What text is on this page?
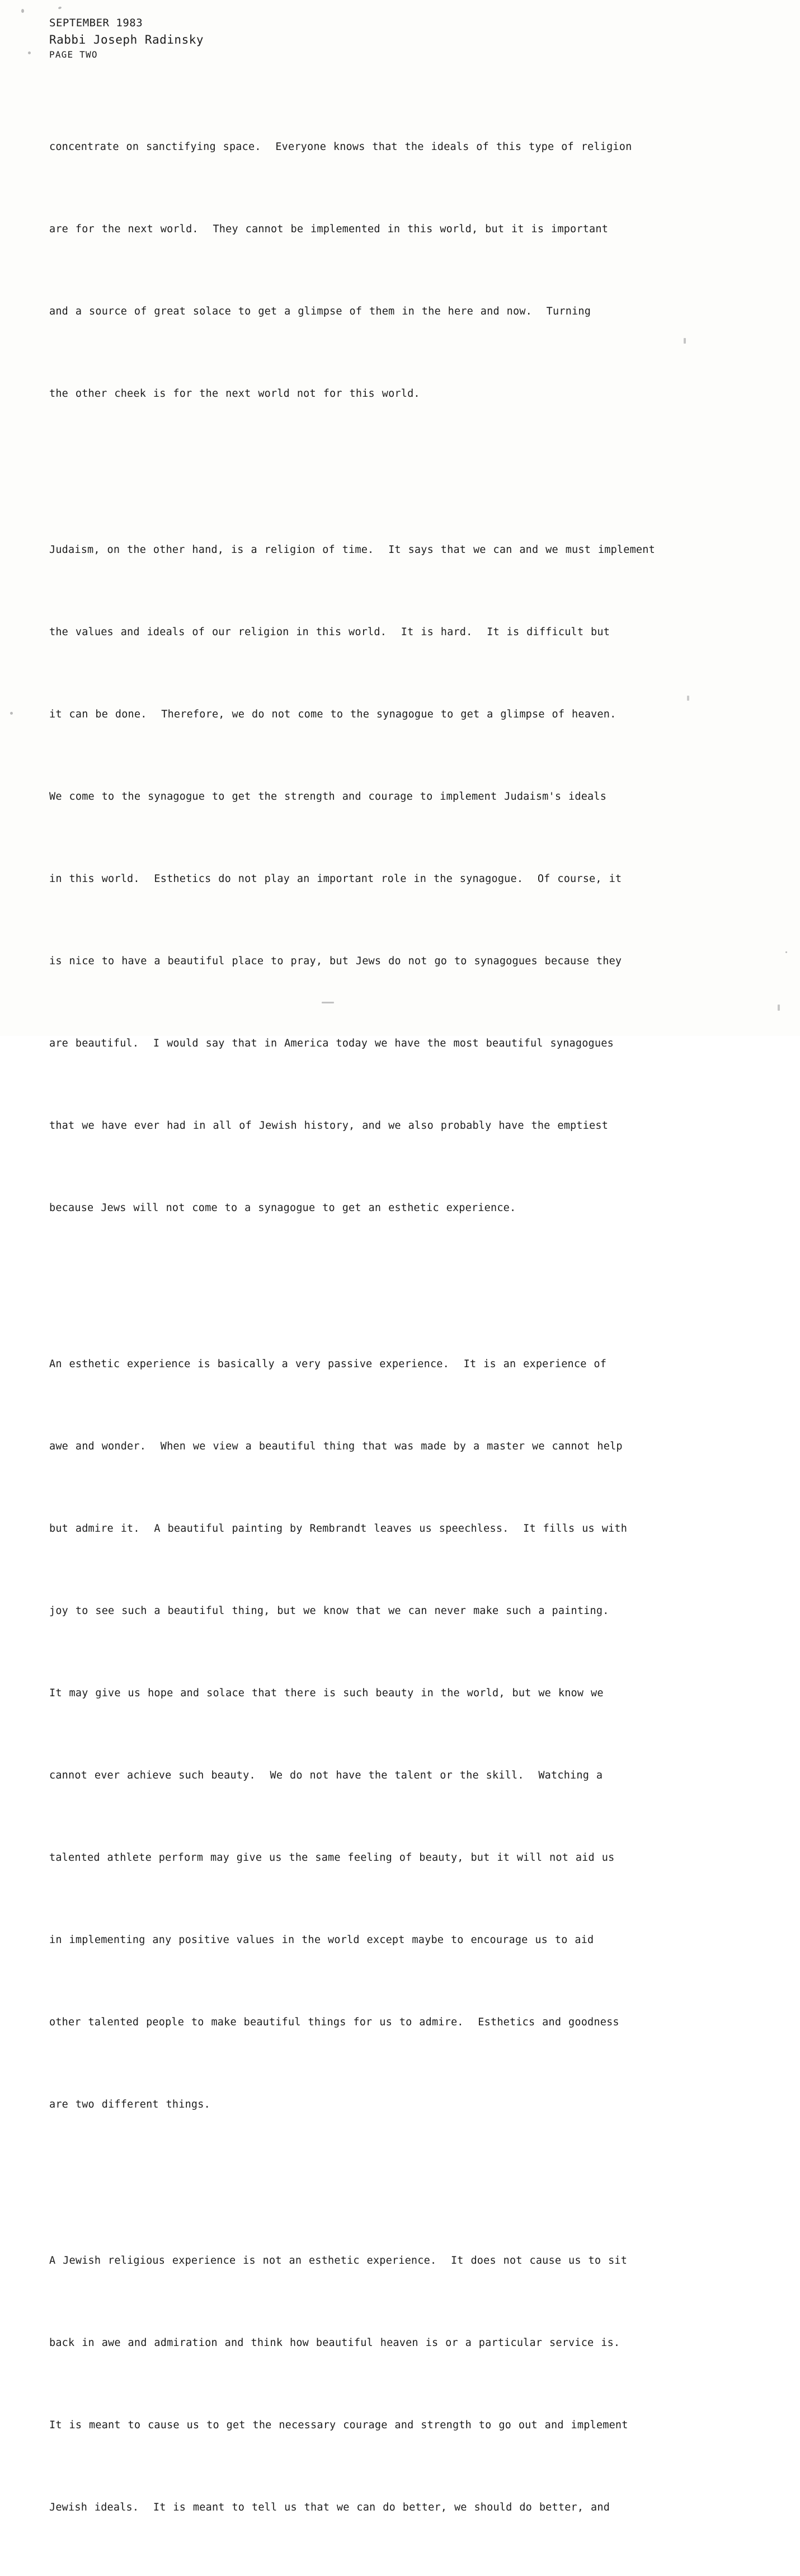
SEPTEMBER 1983
Rabbi Joseph Radinsky
PAGE TWO

concentrate on sanctifying space.  Everyone knows that the ideals of this type of religion

are for the next world.  They cannot be implemented in this world, but it is important

and a source of great solace to get a glimpse of them in the here and now.  Turning

the other cheek is for the next world not for this world.

Judaism, on the other hand, is a religion of time.  It says that we can and we must implement

the values and ideals of our religion in this world.  It is hard.  It is difficult but

it can be done.  Therefore, we do not come to the synagogue to get a glimpse of heaven.

We come to the synagogue to get the strength and courage to implement Judaism's ideals

in this world.  Esthetics do not play an important role in the synagogue.  Of course, it

is nice to have a beautiful place to pray, but Jews do not go to synagogues because they

are beautiful.  I would say that in America today we have the most beautiful synagogues

that we have ever had in all of Jewish history, and we also probably have the emptiest

because Jews will not come to a synagogue to get an esthetic experience.

An esthetic experience is basically a very passive experience.  It is an experience of

awe and wonder.  When we view a beautiful thing that was made by a master we cannot help

but admire it.  A beautiful painting by Rembrandt leaves us speechless.  It fills us with

joy to see such a beautiful thing, but we know that we can never make such a painting.

It may give us hope and solace that there is such beauty in the world, but we know we

cannot ever achieve such beauty.  We do not have the talent or the skill.  Watching a

talented athlete perform may give us the same feeling of beauty, but it will not aid us

in implementing any positive values in the world except maybe to encourage us to aid

other talented people to make beautiful things for us to admire.  Esthetics and goodness

are two different things.

A Jewish religious experience is not an esthetic experience.  It does not cause us to sit

back in awe and admiration and think how beautiful heaven is or a particular service is.

It is meant to cause us to get the necessary courage and strength to go out and implement

Jewish ideals.  It is meant to tell us that we can do better, we should do better, and
